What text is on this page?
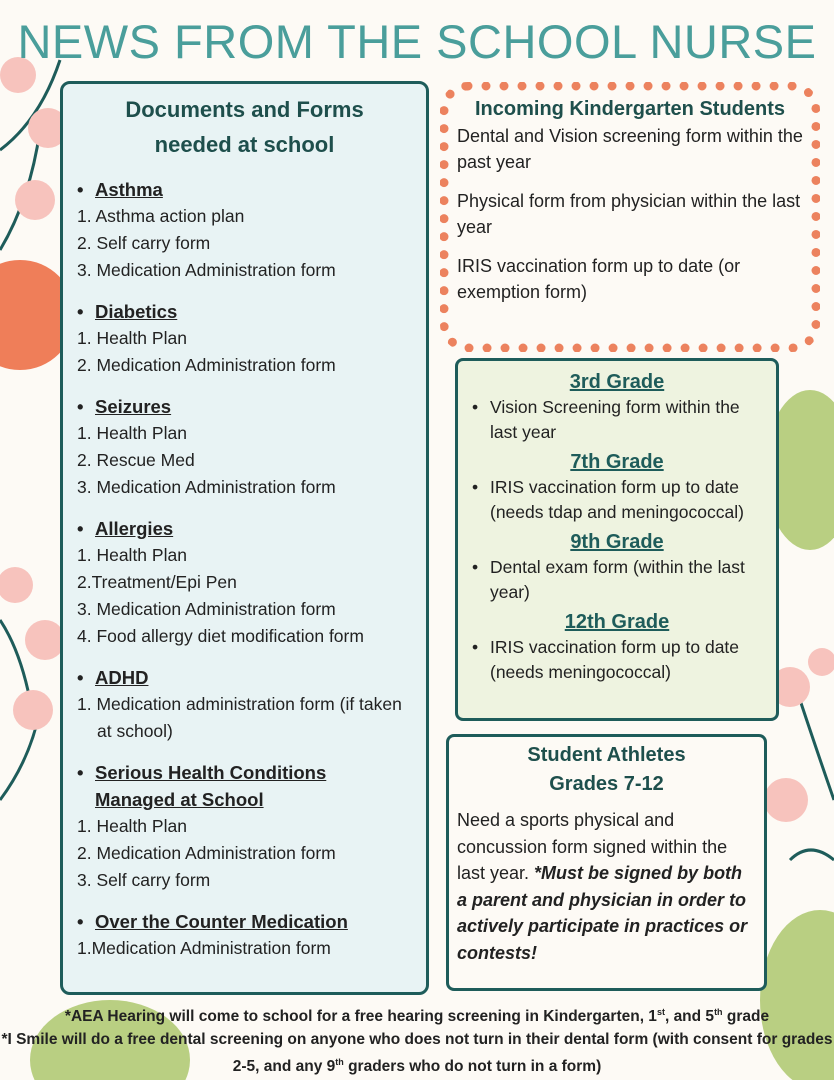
NEWS FROM THE SCHOOL NURSE
Documents and Forms
needed at school
• Asthma
1. Asthma action plan
2. Self carry form
3. Medication Administration form
• Diabetics
1. Health Plan
2. Medication Administration form
• Seizures
1. Health Plan
2. Rescue Med
3. Medication Administration form
• Allergies
1. Health Plan
2.Treatment/Epi Pen
3. Medication Administration form
4. Food allergy diet modification form
• ADHD
1. Medication administration form (if taken at school)
• Serious Health Conditions Managed at School
1. Health Plan
2. Medication Administration form
3. Self carry form
• Over the Counter Medication
1.Medication Administration form
Incoming Kindergarten Students
Dental and Vision screening form within the past year
Physical form from physician within the last year
IRIS vaccination form up to date (or exemption form)
3rd Grade
• Vision Screening form within the last year
7th Grade
• IRIS vaccination form up to date (needs tdap and meningococcal)
9th Grade
• Dental exam form (within the last year)
12th Grade
• IRIS vaccination form up to date (needs meningococcal)
Student Athletes
Grades 7-12

Need a sports physical and concussion form signed within the last year. *Must be signed by both a parent and physician in order to actively participate in practices or contests!

*AEA Hearing will come to school for a free hearing screening in Kindergarten, 1st, and 5th grade
*I Smile will do a free dental screening on anyone who does not turn in their dental form (with consent for grades 2-5, and any 9th graders who do not turn in a form)
